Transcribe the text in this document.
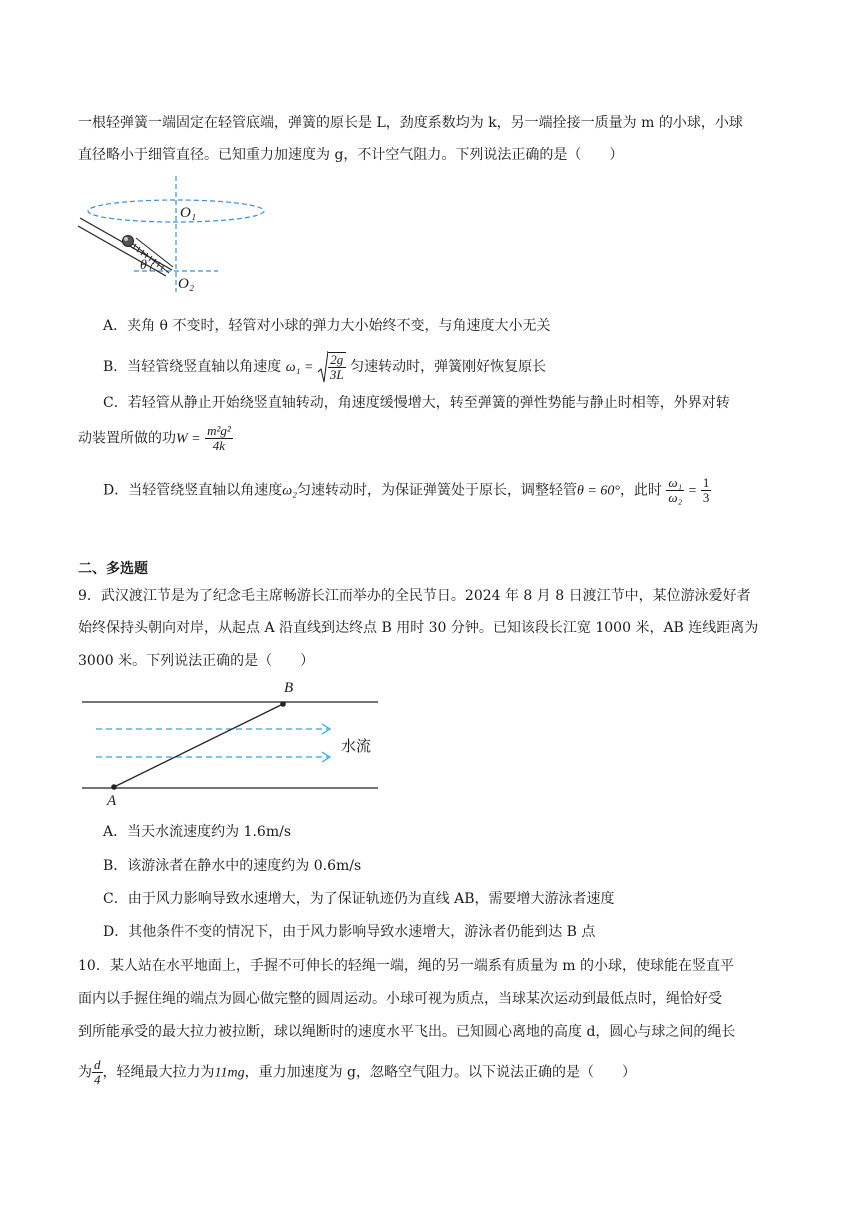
一根轻弹簧一端固定在轻管底端，弹簧的原长是 L，劲度系数均为 k，另一端拴接一质量为 m 的小球，小球
直径略小于细管直径。已知重力加速度为 g，不计空气阻力。下列说法正确的是（　　）
O₁
O₂
θ
A．夹角 θ 不变时，轻管对小球的弹力大小始终不变，与角速度大小无关
B．当轻管绕竖直轴以角速度 $\omega_1 = \frac{2g}{3L}$ 匀速转动时，弹簧刚好恢复原长
C．若轻管从静止开始绕竖直轴转动，角速度缓慢增大，转至弹簧的弹性势能与静止时相等，外界对转
动装置所做的功$W = \frac{\text{m²g²}}{4k}$
D．当轻管绕竖直轴以角速度ω₂匀速转动时，为保证弹簧处于原长，调整轻管θ = 60°，此时 $\frac{\text{ω₁}}{\text{ω₂}} = \frac{1}{3}$
二、多选题
9．武汉渡江节是为了纪念毛主席畅游长江而举办的全民节日。2024 年 8 月 8 日渡江节中，某位游泳爱好者
始终保持头朝向对岸，从起点 A 沿直线到达终点 B 用时 30 分钟。已知该段长江宽 1000 米，AB 连线距离为
3000 米。下列说法正确的是（　　）
A
B
水流
A．当天水流速度约为 1.6m/s
B．该游泳者在静水中的速度约为 0.6m/s
C．由于风力影响导致水速增大，为了保证轨迹仍为直线 AB，需要增大游泳者速度
D．其他条件不变的情况下，由于风力影响导致水速增大，游泳者仍能到达 B 点
10．某人站在水平地面上，手握不可伸长的轻绳一端，绳的另一端系有质量为 m 的小球，使球能在竖直平
面内以手握住绳的端点为圆心做完整的圆周运动。小球可视为质点，当球某次运动到最低点时，绳恰好受
到所能承受的最大拉力被拉断，球以绳断时的速度水平飞出。已知圆心离地的高度 d，圆心与球之间的绳长
为 $\frac{d}{4}$ ，轻绳最大拉力为11mg，重力加速度为 g，忽略空气阻力。以下说法正确的是（　　）
